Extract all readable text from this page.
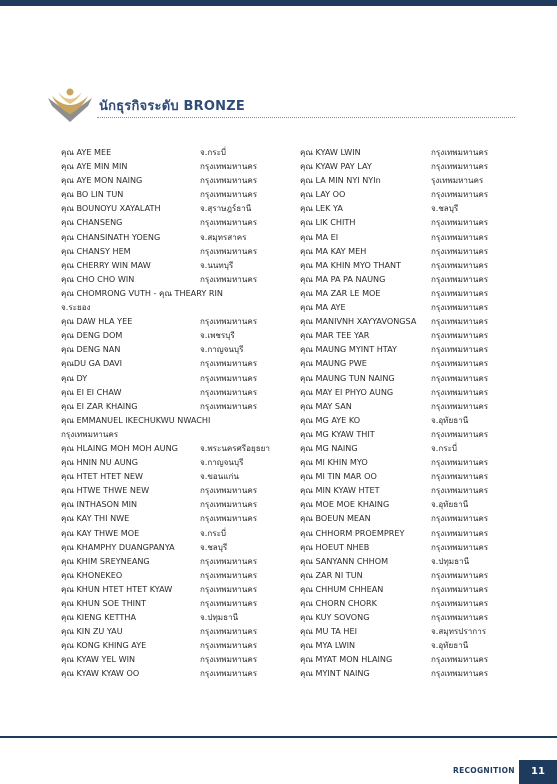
นักธุรกิจระดับ BRONZE
คุณ AYE MEE	จ.กระบี่
คุณ AYE MIN MIN	กรุงเทพมหานคร
คุณ AYE MON NAING	กรุงเทพมหานคร
คุณ BO LIN TUN	กรุงเทพมหานคร
คุณ BOUNOYU XAYALATH	จ.สุราษฎร์ธานี
คุณ CHANSENG	กรุงเทพมหานคร
คุณ CHANSINATH YOENG	จ.สมุทรสาคร
คุณ CHANSY HEM	กรุงเทพมหานคร
คุณ CHERRY WIN MAW	จ.นนทบุรี
คุณ CHO CHO WIN	กรุงเทพมหานคร
คุณ CHOMRONG VUTH - คุณ THEARY RIN
จ.ระยอง
คุณ DAW HLA YEE	กรุงเทพมหานคร
คุณ DENG DOM	จ.เพชรบุรี
คุณ DENG NAN	จ.กาญจนบุรี
คุณDU GA DAVI	กรุงเทพมหานคร
คุณ DY	กรุงเทพมหานคร
คุณ EI EI CHAW	กรุงเทพมหานคร
คุณ EI ZAR KHAING	กรุงเทพมหานคร
คุณ EMMANUEL IKECHUKWU NWACHI
กรุงเทพมหานคร
คุณ HLAING MOH MOH AUNG	จ.พระนครศรีอยุธยา
คุณ HNIN NU AUNG	จ.กาญจนบุรี
คุณ HTET HTET NEW	จ.ขอนแก่น
คุณ HTWE THWE NEW	กรุงเทพมหานคร
คุณ INTHASON MIN	กรุงเทพมหานคร
คุณ KAY THI NWE	กรุงเทพมหานคร
คุณ KAY THWE MOE	จ.กระบี่
คุณ KHAMPHY DUANGPANYA	จ.ชลบุรี
คุณ KHIM SREYNEANG	กรุงเทพมหานคร
คุณ KHONEKEO	กรุงเทพมหานคร
คุณ KHUN HTET HTET KYAW	กรุงเทพมหานคร
คุณ KHUN SOE THINT	กรุงเทพมหานคร
คุณ KIENG KETTHA	จ.ปทุมธานี
คุณ KIN ZU YAU	กรุงเทพมหานคร
คุณ KONG KHING AYE	กรุงเทพมหานคร
คุณ KYAW YEL WIN	กรุงเทพมหานคร
คุณ KYAW KYAW OO	กรุงเทพมหานคร
คุณ KYAW LWIN	กรุงเทพมหานคร
คุณ KYAW PAY LAY	กรุงเทพมหานคร
คุณ LA MIN NYI NYIn	รุงเทพมหานคร
คุณ LAY OO	กรุงเทพมหานคร
คุณ LEK YA	จ.ชลบุรี
คุณ LIK CHITH	กรุงเทพมหานคร
คุณ MA EI	กรุงเทพมหานคร
คุณ MA KAY MEH	กรุงเทพมหานคร
คุณ MA KHIN MYO THANT	กรุงเทพมหานคร
คุณ MA PA PA NAUNG	กรุงเทพมหานคร
คุณ MA ZAR LE MOE	กรุงเทพมหานคร
คุณ MA AYE	กรุงเทพมหานคร
คุณ MANIVNH XAYYAVONGSA กรุงเทพมหานคร
คุณ MAR TEE YAR	กรุงเทพมหานคร
คุณ MAUNG MYINT HTAY	กรุงเทพมหานคร
คุณ MAUNG PWE	กรุงเทพมหานคร
คุณ MAUNG TUN NAING	กรุงเทพมหานคร
คุณ MAY EI PHYO AUNG	กรุงเทพมหานคร
คุณ MAY SAN	กรุงเทพมหานคร
คุณ MG AYE KO	จ.อุทัยธานี
คุณ MG KYAW THIT	กรุงเทพมหานคร
คุณ MG NAING	จ.กระบี่
คุณ MI KHIN MYO	กรุงเทพมหานคร
คุณ MI TIN MAR OO	กรุงเทพมหานคร
คุณ MIN KYAW HTET	กรุงเทพมหานคร
คุณ MOE MOE KHAING	จ.อุทัยธานี
คุณ BOEUN MEAN	กรุงเทพมหานคร
คุณ CHHORM PROEMPREY	กรุงเทพมหานคร
คุณ HOEUT NHEB	กรุงเทพมหานคร
คุณ SANYANN CHHOM	จ.ปทุมธานี
คุณ ZAR NI TUN	กรุงเทพมหานคร
คุณ CHHUM CHHEAN	กรุงเทพมหานคร
คุณ CHORN CHORK	กรุงเทพมหานคร
คุณ KUY SOVONG	กรุงเทพมหานคร
คุณ MU TA HEI	จ.สมุทรปราการ
คุณ MYA LWIN	จ.อุทัยธานี
คุณ MYAT MON HLAING	กรุงเทพมหานคร
คุณ MYINT NAING	กรุงเทพมหานคร
RECOGNITION	11
